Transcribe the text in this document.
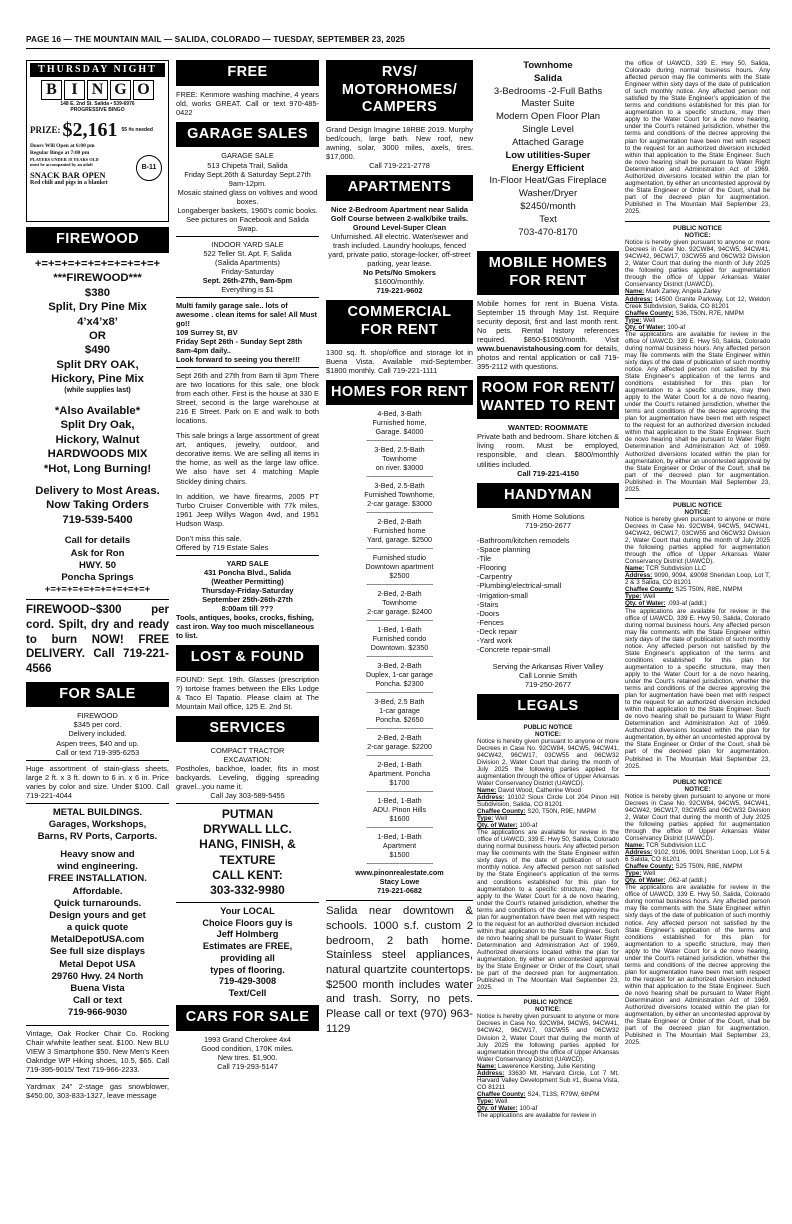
PAGE 16 — THE MOUNTAIN MAIL — SALIDA, COLORADO — TUESDAY, SEPTEMBER 23, 2025
THURSDAY NIGHT
B I N G O
148 E. 2nd St. Salida • 539-6976
PROGRESSIVE BINGO
PRIZE: $2,161 55 #s needed
B-11
Doors Will Open at 6:00 pm
Regular Bingo at 7:00 pm
PLAYERS UNDER 18 YEARS OLD
must be accompanied by an adult
SNACK BAR OPEN
Red chili and pigs in a blanket
FIREWOOD
+=+=+=+=+=+=+=+=+=+
***FIREWOOD***
$380
Split, Dry Pine Mix
4’x4’x8’
OR
$490
Split DRY OAK,
Hickory, Pine Mix
(while supplies last)
*Also Available*
Split Dry Oak,
Hickory, Walnut
HARDWOODS MIX
*Hot, Long Burning!
Delivery to Most Areas.
Now Taking Orders
719-539-5400
Call for details
Ask for Ron
HWY. 50
Poncha Springs
+=+=+=+=+=+=+=+=+=+

FIREWOOD~$300 per cord. Spilt, dry and ready to burn NOW! FREE DELIVERY. Call 719-221-4566

FOR SALE
FIREWOOD
$345 per cord.
Delivery included.
Aspen trees, $40 and up.
Call or text 719-395-6253

Huge assortment of stain-glass sheets, large 2 ft. x 3 ft. down to 6 in. x 6 in. Price varies by color and size. Under $100. Call 719-221-4044

METAL BUILDINGS.
Garages, Workshops,
Barns, RV Ports, Carports.
Heavy snow and
wind engineering.
FREE INSTALLATION.
Affordable.
Quick turnarounds.
Design yours and get
a quick quote
MetalDepotUSA.com
See full size displays
Metal Depot USA
29760 Hwy. 24 North
Buena Vista
Call or text
719-966-9030

Vintage, Oak Rocker Chair Co. Rocking Chair w/white leather seat. $100. New BLU VIEW 3 Smartphone $50. New Men’s Keen Oakridge WP Hiking shoes, 10.5, $65. Call 719-395-9015/ Text 719-966-2233.

Yardmax 24” 2-stage gas snowblower, $450.00, 303-833-1327, leave message

FREE

FREE: Kenmore washing machine, 4 years old, works GREAT. Call or text 970-485-0422

GARAGE SALES
GARAGE SALE
513 Chipeta Trail, Salida
Friday Sept.26th & Saturday Sept.27th 9am-12pm.
Mosaic stained glass on voltives and wood boxes.
Longaberger baskets, 1960’s comic books. See pictures on Facebook and Salida Swap.
INDOOR YARD SALE
522 Teller St. Apt. F, Salida
(Salida Apartments)
Friday-Saturday
Sept. 26th-27th, 9am-5pm
Everything is $1
Multi family garage sale.. lots of awesome . clean items for sale! All Must go!!
109 Surrey St, BV
Friday Sept 26th - Sunday Sept 28th 8am-4pm daily..
Look forward to seeing you there!!!

Sept 26th and 27th from 8am til 3pm There are two locations for this sale, one block from each other. First is the house at 330 E Street, second is the large warehouse at 216 E Street. Park on E and walk to both locations.

This sale brings a large assortment of great art, antiques, jewelry, outdoor, and decorative items. We are selling all items in the home, as well as the large law office. We also have set 4 matching Maple Stickley dining chairs.

In addition, we have firearms, 2005 PT Turbo Cruiser Convertible with 77k miles, 1961 Jeep Willys Wagon 4wd, and 1951 Hudson Wasp.

Don’t miss this sale.
Offered by 719 Estate Sales
YARD SALE
431 Poncha Blvd., Salida
(Weather Permitting)
Thursday-Friday-Saturday
September 25th-26th-27th
8:00am till ???
Tools, antiques, books, crocks, fishing, cast iron. Way too much miscellaneous to list.
LOST & FOUND

FOUND: Sept. 19th. Glasses (prescription ?) tortoise frames between the Elks Lodge & Taco El Tapatio. Please claim at The Mountain Mail office, 125 E. 2nd St.

SERVICES
COMPACT TRACTOR
EXCAVATION:
Postholes, backhoe, loader, fits in most backyards. Leveling, digging spreading gravel...you name it.
Call Jay 303-589-5455
PUTMAN
DRYWALL LLC.
HANG, FINISH, &
TEXTURE
CALL KENT:
303-332-9980
Your LOCAL
Choice Floors guy is
Jeff Holmberg
Estimates are FREE,
providing all
types of flooring.
719-429-3008
Text/Cell
CARS FOR SALE
1993 Grand Cherokee 4x4
Good condition, 170K miles.
New tires. $1,900.
Call 719-293-5147
RVS/
MOTORHOMES/
CAMPERS
Grand Design Imagine 18RBE 2019. Murphy bed/couch, large bath. New roof, new awning, solar, 3000 miles, axels, tires. $17,000.
Call 719-221-2778
APARTMENTS
Nice 2-Bedroom Apartment near Salida Golf Course between 2-walk/bike trails. Ground Level-Super Clean
Unfurnished. All electric. Water/sewer and trash included. Laundry hookups, fenced yard, private patio, storage-locker, off-street parking, year lease.
No Pets/No Smokers
$1600/monthly.
719-221-9602
COMMERCIAL
FOR RENT

1300 sq. ft. shop/office and storage lot in Buena Vista. Available mid-September. $1800 monthly. Call 719-221-1111

HOMES FOR RENT
4-Bed, 3-Bath
Furnished home,
Garage. $4000
~~~~~~~~~~~~~~~~~~
3-Bed, 2.5-Bath
Townhome
on river. $3000
~~~~~~~~~~~~~~~~~~
3-Bed, 2.5-Bath
Furnished Townhome,
2-car garage. $3000
~~~~~~~~~~~~~~~~~~
2-Bed, 2-Bath
Furnished home
Yard, garage. $2500
~~~~~~~~~~~~~~~~~~
Furnished studio
Downtown apartment
$2500
~~~~~~~~~~~~~~~~~~
2-Bed, 2-Bath
Townhome
2-car garage. $2400
~~~~~~~~~~~~~~~~~~
1-Bed, 1-Bath
Furnished condo
Downtown. $2350
~~~~~~~~~~~~~~~~~~
3-Bed, 2-Bath
Duplex, 1-car garage
Poncha. $2300
~~~~~~~~~~~~~~~~~~
3-Bed, 2.5 Bath
1-car garage
Poncha. $2650
~~~~~~~~~~~~~~~~~~
2-Bed, 2-Bath
2-car garage. $2200
~~~~~~~~~~~~~~~~~~
2-Bed, 1-Bath
Apartment. Poncha
$1700
~~~~~~~~~~~~~~~~~~
1-Bed, 1-Bath
ADU. Pinon Hills
$1600
~~~~~~~~~~~~~~~~~~
1-Bed, 1-Bath
Apartment
$1500
~~~~~~~~~~~~~~~~~~
www.pinonrealestate.com
Stacy Lowe
719-221-0682

Salida near downtown & schools. 1000 s.f. custom 2 bedroom, 2 bath home. Stainless steel appliances, natural quartzite countertops. $2500 month includes water and trash. Sorry, no pets. Please call or text (970) 963-1129

Townhome
Salida
3-Bedrooms -2-Full Baths
Master Suite
Modern Open Floor Plan
Single Level
Attached Garage
Low utilities-Super
Energy Efficient
In-Floor Heat/Gas Fireplace
Washer/Dryer
$2450/month
Text
703-470-8170
MOBILE HOMES
FOR RENT

Mobile homes for rent in Buena Vista. September 15 through May 1st. Require security deposit, first and last month rent. No pets. Rental history references required. $850-$1050/month. Visit www.buenavistahousing.com for details, photos and rental application or call 719-395-2112 with questions.

ROOM FOR RENT/
WANTED TO RENT
WANTED: ROOMMATE
Private bath and bedroom. Share kitchen & living room. Must be employed, responsible, and clean. $800/monthly utilities included.
Call 719-221-4150
HANDYMAN
Smith Home Solutions
719-250-2677
-Bathroom/kitchen remodels
-Space planning
-Tile
-Flooring
-Carpentry
-Plumbing/electrical-small
-Irrigation-small
-Stairs
-Doors
-Fences
-Deck repair
-Yard work
-Concrete repair-small
Serving the Arkansas River Valley
Call Lonnie Smith
719-250-2677
LEGALS
PUBLIC NOTICE
NOTICE:
Notice is hereby given pursuant to anyone or more Decrees in Case No. 92CW84, 94CW5, 94CW41, 94CW42, 96CW17, 03CW55 and 06CW32 Division 2, Water Court that during the month of July 2025 the following parties applied for augmentation through the office of Upper Arkansas Water Conservancy District (UAWCD).
Name: David Wood, Catherine Wood
Address: 10102 Sioux Circle Lot 204 Pinon Hill Subdivision, Salida, CO 81201
Chaffee County: S20, T50N, R9E, NMPM
Type: Well
Qty. of Water: 100-af
The applications are available for review in the office of UAWCD, 339 E. Hwy 50, Salida, Colorado during normal business hours. Any affected person may file comments with the State Engineer within sixty days of the date of publication of such monthly notice. Any affected person not satisfied by the State Engineer’s application of the terms and conditions established for this plan for augmentation to a specific structure, may then apply to the Water Court for a de novo hearing, under the Court’s retained jurisdiction, whether the terms and conditions of the decree approving the plan for augmentation have been met with respect to the request for an authorized diversion included within that application to the State Engineer. Such de novo hearing shall be pursuant to Water Right Determination and Administration Act of 1969. Authorized diversions located within the plan for augmentation, by either an uncontested approval by the State Engineer or Order of the Court, shall be part of the decreed plan for augmentation. Published in The Mountain Mail September 23, 2025.
PUBLIC NOTICE
NOTICE:
Notice is hereby given pursuant to anyone or more Decrees in Case No. 92CW84, 94CW5, 94CW41, 94CW42, 96CW17, 03CW55 and 06CW32 Division 2, Water Court that during the month of July 2025 the following parties applied for augmentation through the office of Upper Arkansas Water Conservancy District (UAWCD).
Name: Lawerence Kersting, Julie Kersting
Address: 33630 Mt. Harvard Circle, Lot 7 Mt. Harvard Valley Development Sub #1, Buena Vista, CO 81211
Chaffee County: S24, T13S, R79W, 6thPM
Type: Well
Qty. of Water: 100-af
The applications are available for review in
the office of UAWCD, 339 E. Hwy 50, Salida, Colorado during normal business hours. Any affected person may file comments with the State Engineer within sixty days of the date of publication of such monthly notice. Any affected person not satisfied by the State Engineer’s application of the terms and conditions established for this plan for augmentation to a specific structure, may then apply to the Water Court for a de novo hearing, under the Court’s retained jurisdiction, whether the terms and conditions of the decree approving the plan for augmentation have been met with respect to the request for an authorized diversion included within that application to the State Engineer. Such de novo hearing shall be pursuant to Water Right Determination and Administration Act of 1969. Authorized diversions located within the plan for augmentation, by either an uncontested approval by the State Engineer or Order of the Court, shall be part of the decreed plan for augmentation. Published in The Mountain Mail September 23, 2025.
PUBLIC NOTICE
NOTICE:
Notice is hereby given pursuant to anyone or more Decrees in Case No. 92CW84, 94CW5, 94CW41, 94CW42, 96CW17, 03CW55 and 06CW32 Division 2, Water Court that during the month of July 2025 the following parties applied for augmentation through the office of Upper Arkansas Water Conservancy District (UAWCD).
Name: Mark Zarley, Angela Zarley
Address: 14500 Granite Parkway, Lot 12, Weldon Creek Subdivision, Salida, CO 81201
Chaffee County: S36, T50N, R7E, NMPM
Type: Well
Qty. of Water: 100-af
The applications are available for review in the office of UAWCD, 339 E. Hwy 50, Salida, Colorado during normal business hours. Any affected person may file comments with the State Engineer within sixty days of the date of publication of such monthly notice. Any affected person not satisfied by the State Engineer’s application of the terms and conditions established for this plan for augmentation to a specific structure, may then apply to the Water Court for a de novo hearing, under the Court’s retained jurisdiction, whether the terms and conditions of the decree approving the plan for augmentation have been met with respect to the request for an authorized diversion included within that application to the State Engineer. Such de novo hearing shall be pursuant to Water Right Determination and Administration Act of 1969. Authorized diversions located within the plan for augmentation, by either an uncontested approval by the State Engineer or Order of the Court, shall be part of the decreed plan for augmentation. Published in The Mountain Mail September 23, 2025.
PUBLIC NOTICE
NOTICE:
Notice is hereby given pursuant to anyone or more Decrees in Case No. 92CW84, 94CW5, 94CW41, 94CW42, 96CW17, 03CW55 and 06CW32 Division 2, Water Court that during the month of July 2025 the following parties applied for augmentation through the office of Upper Arkansas Water Conservancy District (UAWCD).
Name: TCR Subdivision LLC
Address: 9090, 9094, &9098 Sheridan Loop, Lot T, 2 & 3 Salida, CO 81201
Chaffee County: S25 T50N, R8E, NMPM
Type: Well
Qty. of Water: .093-af (addl.)
The applications are available for review in the office of UAWCD, 339 E. Hwy 50, Salida, Colorado during normal business hours. Any affected person may file comments with the State Engineer within sixty days of the date of publication of such monthly notice. Any affected person not satisfied by the State Engineer’s application of the terms and conditions established for this plan for augmentation to a specific structure, may then apply to the Water Court for a de novo hearing, under the Court’s retained jurisdiction, whether the terms and conditions of the decree approving the plan for augmentation have been met with respect to the request for an authorized diversion included within that application to the State Engineer. Such de novo hearing shall be pursuant to Water Right Determination and Administration Act of 1969. Authorized diversions located within the plan for augmentation, by either an uncontested approval by the State Engineer or Order of the Court, shall be part of the decreed plan for augmentation. Published in The Mountain Mail September 23, 2025.
PUBLIC NOTICE
NOTICE:
Notice is hereby given pursuant to anyone or more Decrees in Case No. 92CW84, 94CW5, 94CW41, 94CW42, 96CW17, 03CW55 and 06CW32 Division 2, Water Court that during the month of July 2025 the following parties applied for augmentation through the office of Upper Arkansas Water Conservancy District (UAWCD).
Name: TCR Subdivision LLC
Address: 9102, 9106, 9091 Sheridan Loop, Lot 5 & 6 Salida, CO 81201
Chaffee County: S25 T50N, R8E, NMPM
Type: Well
Qty. of Water: .062-af (addl.)
The applications are available for review in the office of UAWCD, 339 E. Hwy 50, Salida, Colorado during normal business hours. Any affected person may file comments with the State Engineer within sixty days of the date of publication of such monthly notice. Any affected person not satisfied by the State Engineer’s application of the terms and conditions established for this plan for augmentation to a specific structure, may then apply to the Water Court for a de novo hearing, under the Court’s retained jurisdiction, whether the terms and conditions of the decree approving the plan for augmentation have been met with respect to the request for an authorized diversion included within that application to the State Engineer. Such de novo hearing shall be pursuant to Water Right Determination and Administration Act of 1969. Authorized diversions located within the plan for augmentation, by either an uncontested approval by the State Engineer or Order of the Court, shall be part of the decreed plan for augmentation. Published in The Mountain Mail September 23, 2025.
